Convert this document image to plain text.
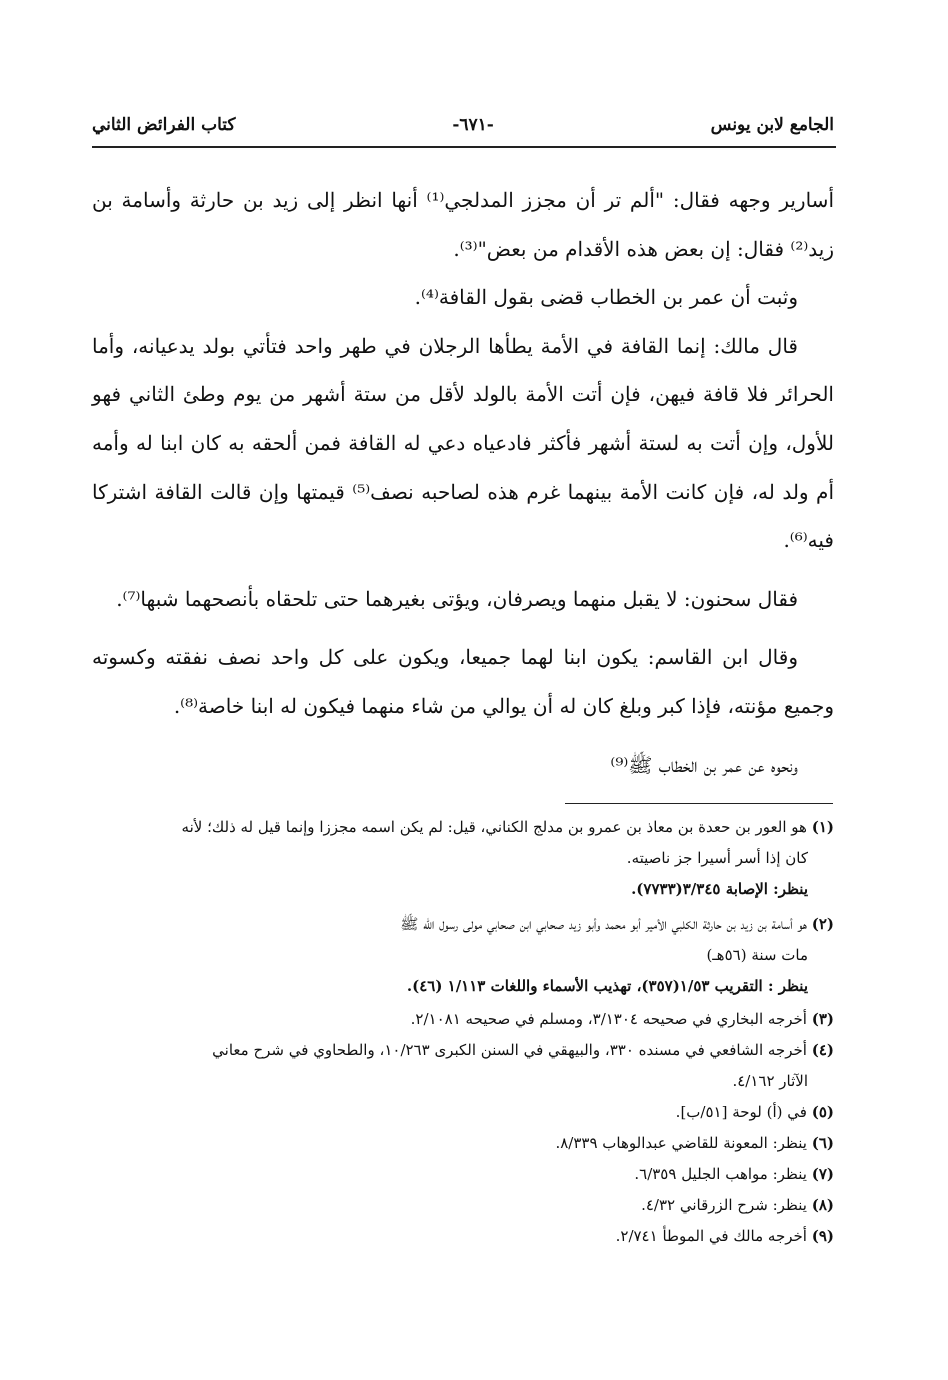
الجامع لابن يونس
-٦٧١-
كتاب الفرائض الثاني

أسارير وجهه فقال: "ألم تر أن مجزز المدلجي⁽¹⁾ أنها انظر إلى زيد بن حارثة وأسامة بن زيد⁽²⁾ فقال: إن بعض هذه الأقدام من بعض"⁽³⁾.

وثبت أن عمر بن الخطاب قضى بقول القافة⁽⁴⁾.

قال مالك: إنما القافة في الأمة يطأها الرجلان في طهر واحد فتأتي بولد يدعيانه، وأما الحرائر فلا قافة فيهن، فإن أتت الأمة بالولد لأقل من ستة أشهر من يوم وطئ الثاني فهو للأول، وإن أتت به لستة أشهر فأكثر فادعياه دعي له القافة فمن ألحقه به كان ابنا له وأمه أم ولد له، فإن كانت الأمة بينهما غرم هذه لصاحبه نصف⁽⁵⁾ قيمتها وإن قالت القافة اشتركا فيه⁽⁶⁾.

فقال سحنون: لا يقبل منهما ويصرفان، ويؤتى بغيرهما حتى تلحقاه بأنصحهما شبها⁽⁷⁾.

وقال ابن القاسم: يكون ابنا لهما جميعا، ويكون على كل واحد نصف نفقته وكسوته وجميع مؤنته، فإذا كبر وبلغ كان له أن يوالي من شاء منهما فيكون له ابنا خاصة⁽⁸⁾.

ونحوه عن عمر بن الخطاب ﷺ⁽⁹⁾

(١) هو العور بن حعدة بن معاذ بن عمرو بن مدلج الكناني، قيل: لم يكن اسمه مجززا وإنما قيل له ذلك؛ لأنه

كان إذا أسر أسيرا جز ناصيته.

ينظر: الإصابة ٣/٣٤٥(٧٧٣٣).

(٢) هو أسامة بن زيد بن حارثة الكلبي الأمير أبو محمد وأبو زيد صحابي ابن صحابي مولى رسول الله ﷺ

مات سنة (٥٦هـ)

ينظر : التقريب ١/٥٣(٣٥٧)، تهذيب الأسماء واللغات ١/١١٣ (٤٦).

(٣) أخرجه البخاري في صحيحه ٣/١٣٠٤، ومسلم في صحيحه ٢/١٠٨١.

(٤) أخرجه الشافعي في مسنده ٣٣٠، والبيهقي في السنن الكبرى ١٠/٢٦٣، والطحاوي في شرح معاني

الآثار ٤/١٦٢.

(٥) في (أ) لوحة [٥١/ب].

(٦) ينظر: المعونة للقاضي عبدالوهاب ٨/٣٣٩.

(٧) ينظر: مواهب الجليل ٦/٣٥٩.

(٨) ينظر: شرح الزرقاني ٤/٣٢.

(٩) أخرجه مالك في الموطأ ٢/٧٤١.
